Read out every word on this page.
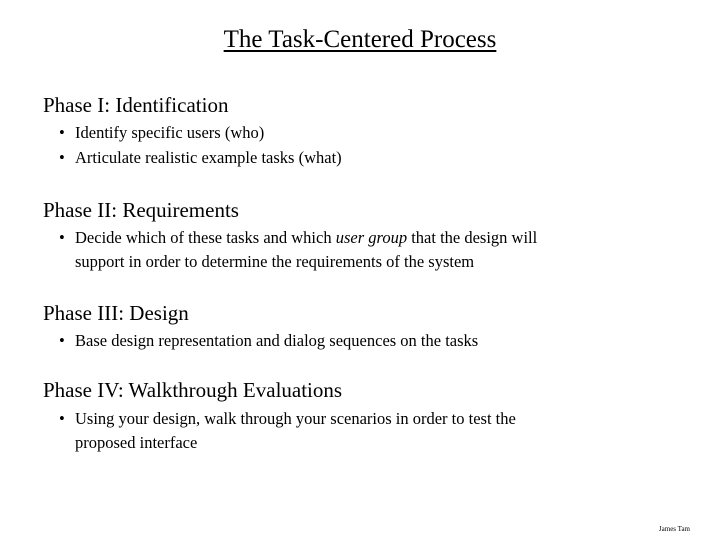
The Task-Centered Process
Phase I: Identification
• Identify specific users (who)
• Articulate realistic example tasks (what)
Phase II: Requirements
• Decide which of these tasks and which user group that the design will
support in order to determine the requirements of the system
Phase III: Design
• Base design representation and dialog sequences on the tasks
Phase IV: Walkthrough Evaluations
• Using your design, walk through your scenarios in order to test the
proposed interface
James Tam
